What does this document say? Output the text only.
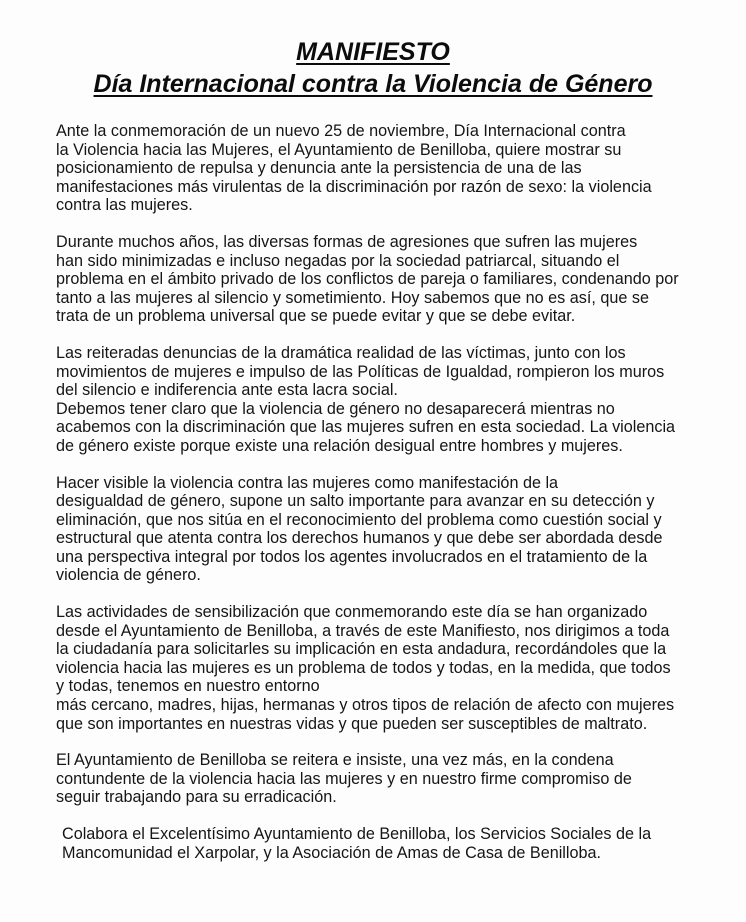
MANIFIESTO

Día Internacional contra la Violencia de Género

Ante la conmemoración de un nuevo 25 de noviembre, Día Internacional contra
la Violencia hacia las Mujeres, el Ayuntamiento de Benilloba, quiere mostrar su
posicionamiento de repulsa y denuncia ante la persistencia de una de las
manifestaciones más virulentas de la discriminación por razón de sexo: la violencia
contra las mujeres.

Durante muchos años, las diversas formas de agresiones que sufren las mujeres
han sido minimizadas e incluso negadas por la sociedad patriarcal, situando el
problema en el ámbito privado de los conflictos de pareja o familiares, condenando por
tanto a las mujeres al silencio y sometimiento. Hoy sabemos que no es así, que se
trata de un problema universal que se puede evitar y que se debe evitar.

Las reiteradas denuncias de la dramática realidad de las víctimas, junto con los
movimientos de mujeres e impulso de las Políticas de Igualdad, rompieron los muros
del silencio e indiferencia ante esta lacra social.
Debemos tener claro que la violencia de género no desaparecerá mientras no
acabemos con la discriminación que las mujeres sufren en esta sociedad. La violencia
de género existe porque existe una relación desigual entre hombres y mujeres.

Hacer visible la violencia contra las mujeres como manifestación de la
desigualdad de género, supone un salto importante para avanzar en su detección y
eliminación, que nos sitúa en el reconocimiento del problema como cuestión social y
estructural que atenta contra los derechos humanos y que debe ser abordada desde
una perspectiva integral por todos los agentes involucrados en el tratamiento de la
violencia de género.

Las actividades de sensibilización que conmemorando este día se han organizado
desde el Ayuntamiento de Benilloba, a través de este Manifiesto, nos dirigimos a toda
la ciudadanía para solicitarles su implicación en esta andadura, recordándoles que la
violencia hacia las mujeres es un problema de todos y todas, en la medida, que todos
y todas, tenemos en nuestro entorno
más cercano, madres, hijas, hermanas y otros tipos de relación de afecto con mujeres
que son importantes en nuestras vidas y que pueden ser susceptibles de maltrato.

El Ayuntamiento de Benilloba se reitera e insiste, una vez más, en la condena
contundente de la violencia hacia las mujeres y en nuestro firme compromiso de
seguir trabajando para su erradicación.

Colabora el Excelentísimo Ayuntamiento de Benilloba, los Servicios Sociales de la
Mancomunidad el Xarpolar, y la Asociación de Amas de Casa de Benilloba.
